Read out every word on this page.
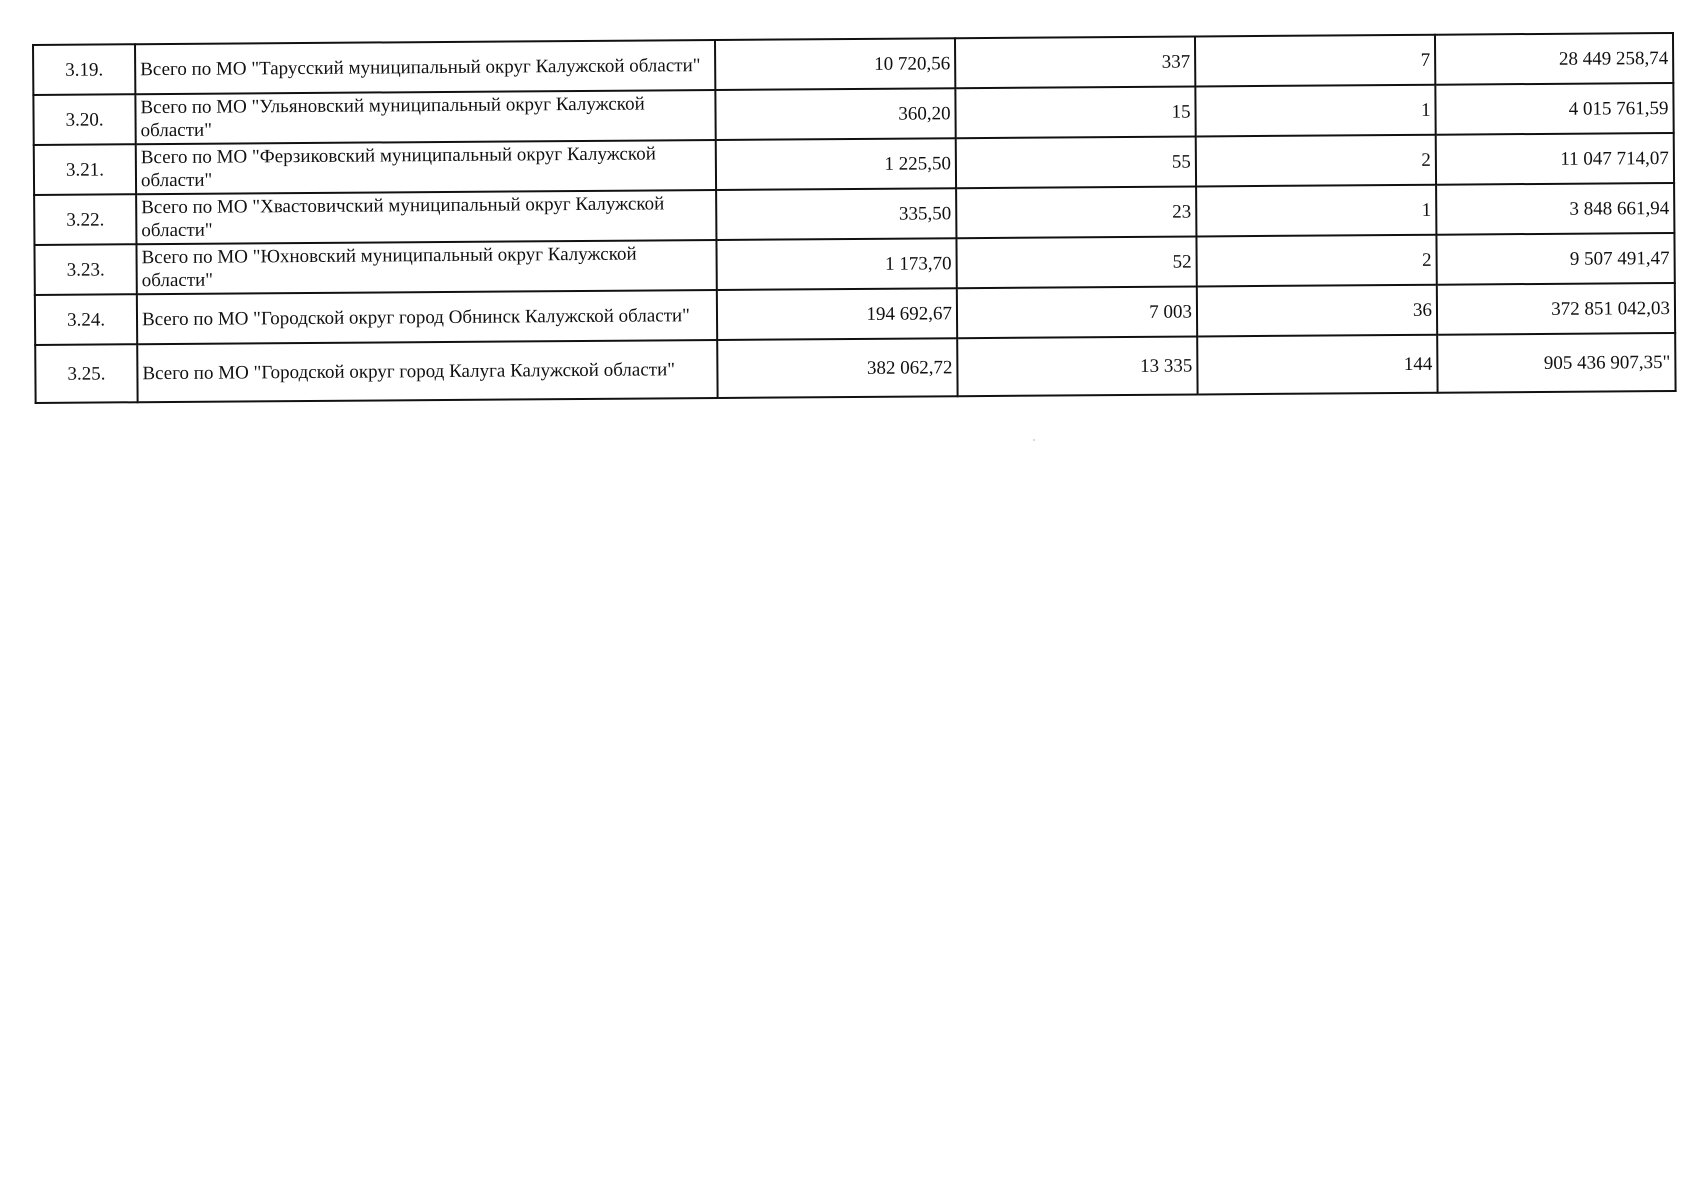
3.19.	Всего по МО "Тарусский муниципальный округ Калужской области"	10 720,56	337	7	28 449 258,74
3.20.	Всего по МО "Ульяновский муниципальный округ Калужской области"	360,20	15	1	4 015 761,59
3.21.	Всего по МО "Ферзиковский муниципальный округ Калужской области"	1 225,50	55	2	11 047 714,07
3.22.	Всего по МО "Хвастовичский муниципальный округ Калужской области"	335,50	23	1	3 848 661,94
3.23.	Всего по МО "Юхновский муниципальный округ Калужской области"	1 173,70	52	2	9 507 491,47
3.24.	Всего по МО "Городской округ город Обнинск Калужской области"	194 692,67	7 003	36	372 851 042,03
3.25.	Всего по МО "Городской округ город Калуга Калужской области"	382 062,72	13 335	144	905 436 907,35"
